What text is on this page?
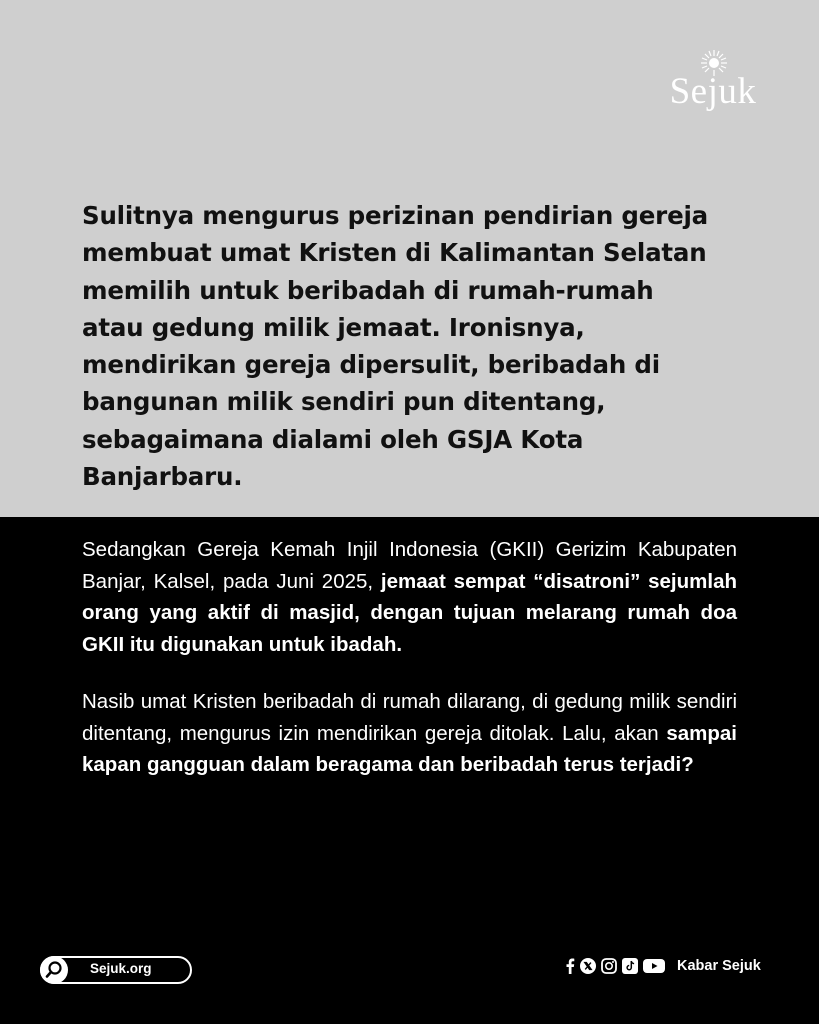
Sejuk

Sulitnya mengurus perizinan pendirian gereja membuat umat Kristen di Kalimantan Selatan memilih untuk beribadah di rumah-rumah atau gedung milik jemaat. Ironisnya, mendirikan gereja dipersulit, beribadah di bangunan milik sendiri pun ditentang, sebagaimana dialami oleh GSJA Kota Banjarbaru.

Sedangkan Gereja Kemah Injil Indonesia (GKII) Gerizim Kabupaten Banjar, Kalsel, pada Juni 2025, jemaat sempat “disatroni” sejumlah orang yang aktif di masjid, dengan tujuan melarang rumah doa GKII itu digunakan untuk ibadah.

Nasib umat Kristen beribadah di rumah dilarang, di gedung milik sendiri ditentang, mengurus izin mendirikan gereja ditolak. Lalu, akan sampai kapan gangguan dalam beragama dan beribadah terus terjadi?

Sejuk.org	Kabar Sejuk
